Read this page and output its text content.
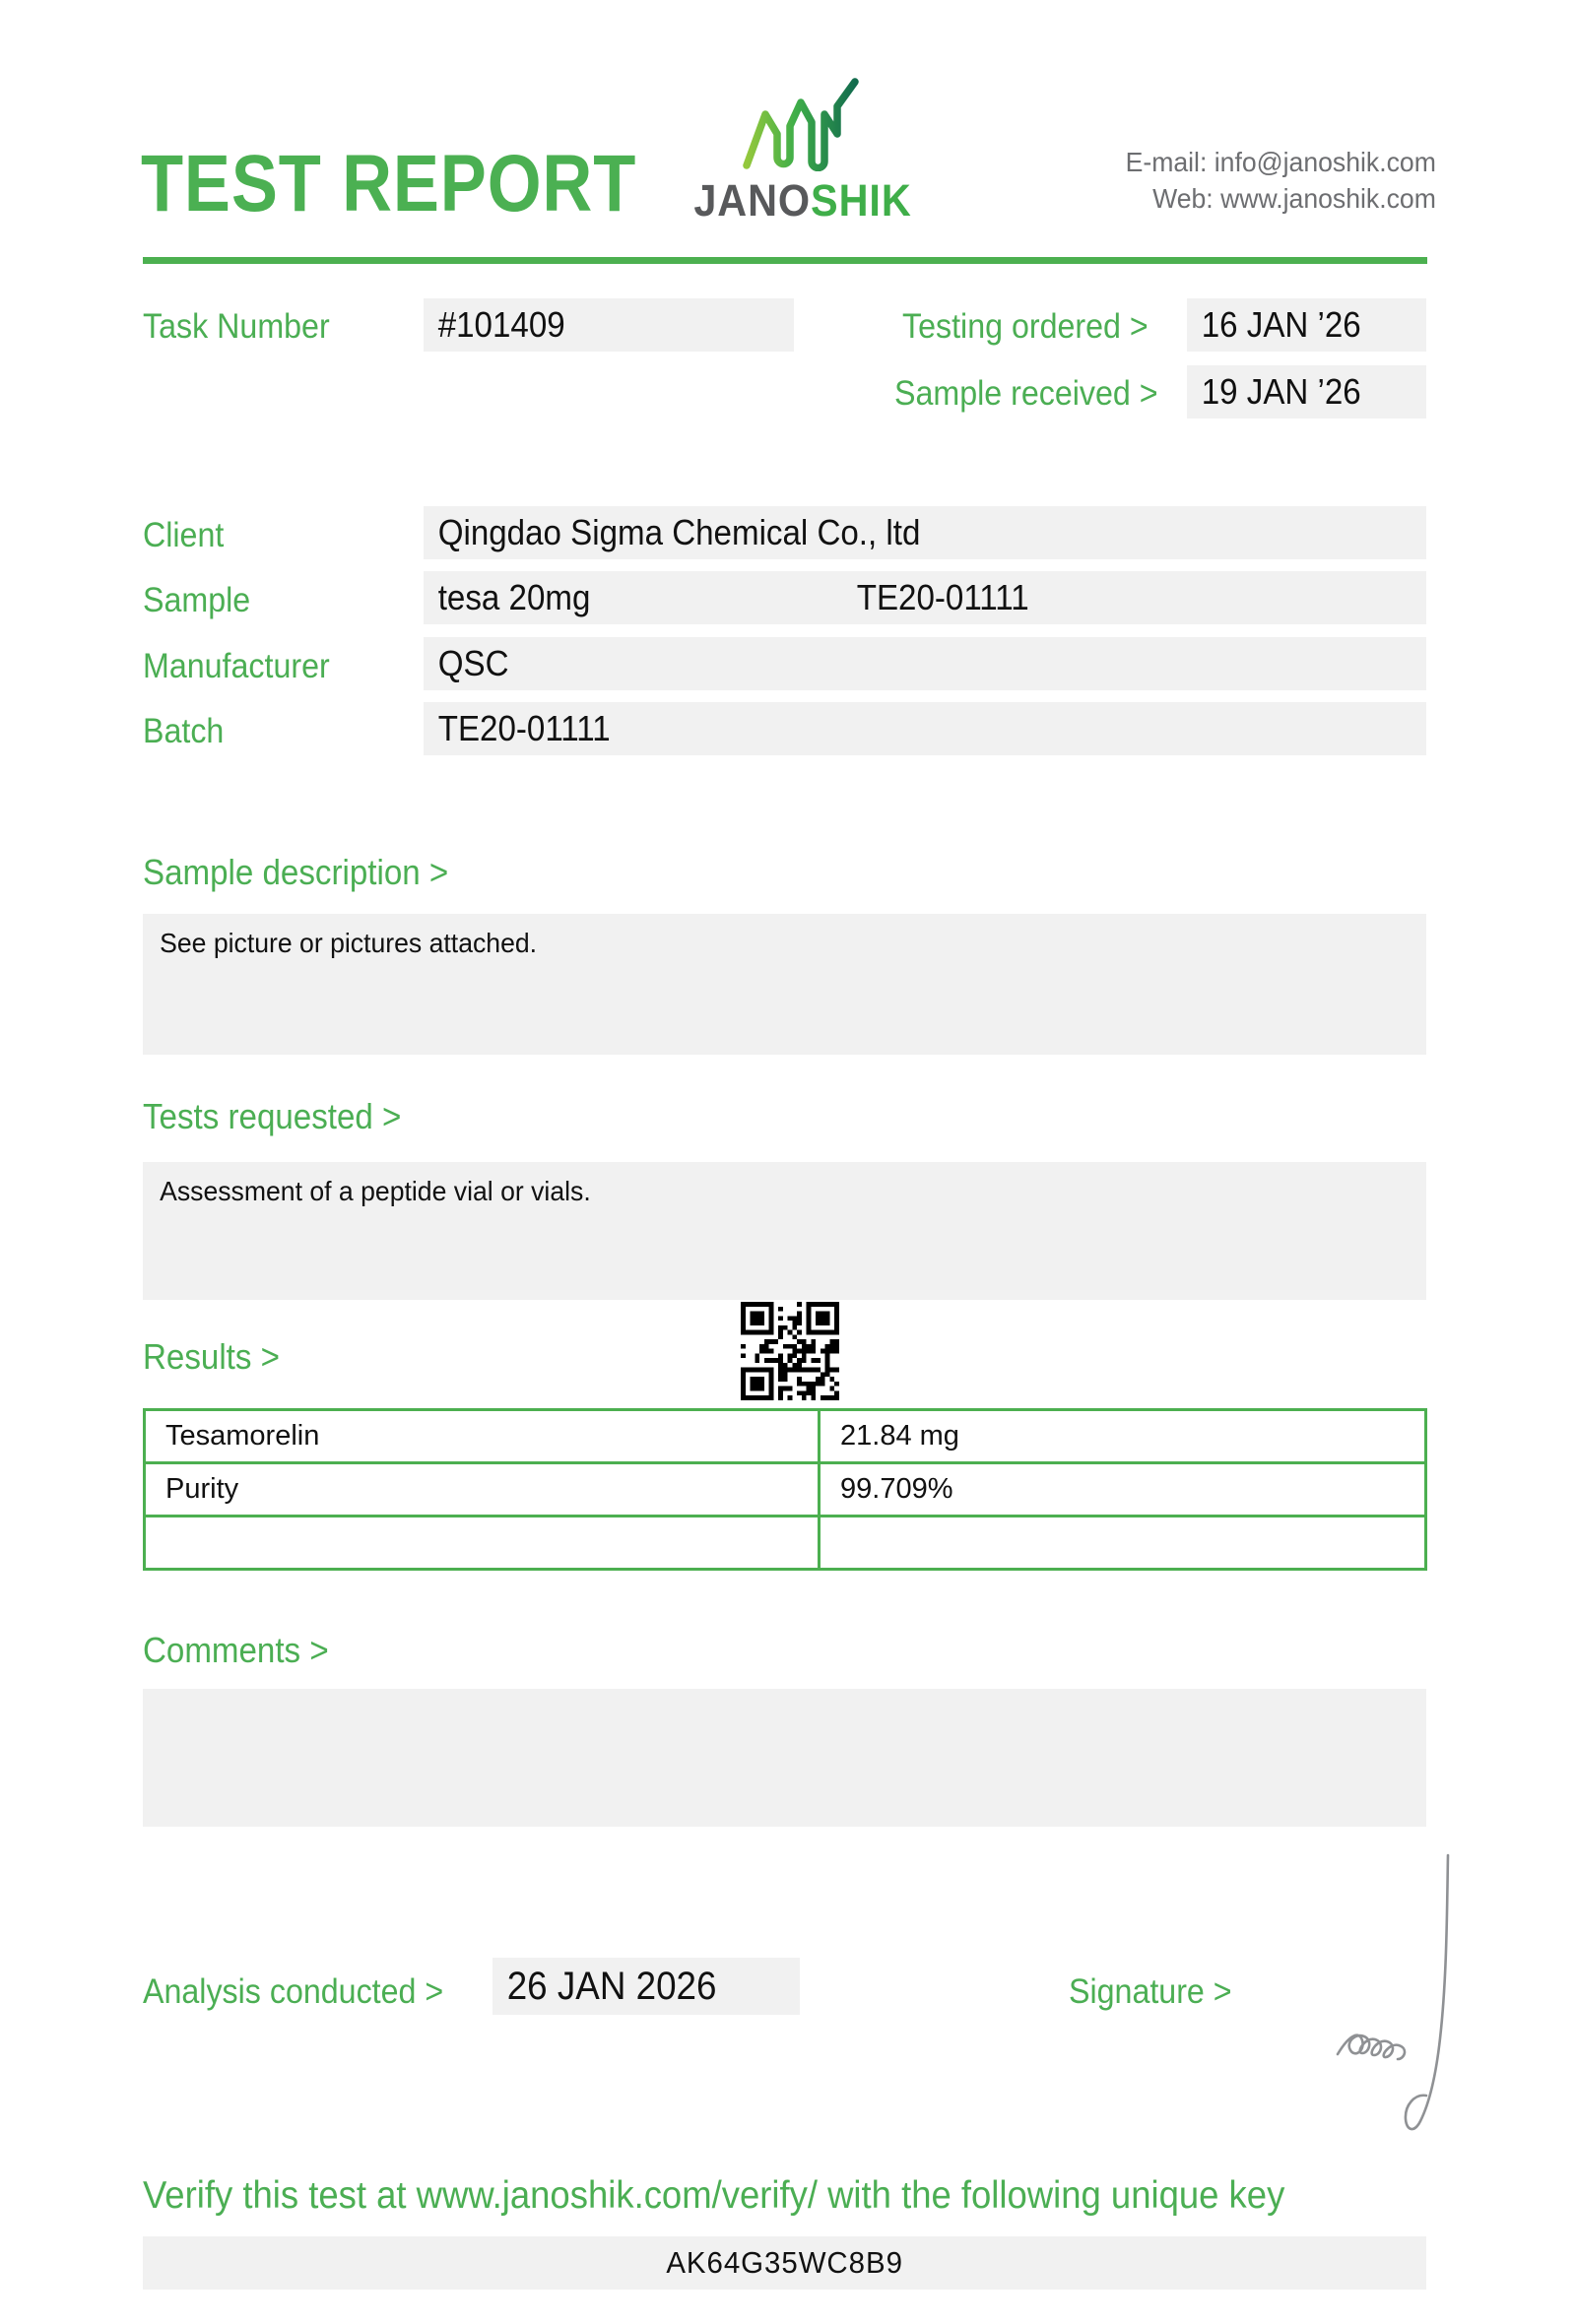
TEST REPORT JANOSHIK
E-mail: info@janoshik.com
Web: www.janoshik.com
Task Number	#101409	Testing ordered >	16 JAN ’26
Sample received >	19 JAN ’26
Client	Qingdao Sigma Chemical Co., ltd
Sample	tesa 20mg	TE20-01111
Manufacturer	QSC
Batch	TE20-01111
Sample description >
See picture or pictures attached.
Tests requested >
Assessment of a peptide vial or vials.
Results >
Tesamorelin	21.84 mg
Purity	99.709%

Comments >
Analysis conducted >	26 JAN 2026	Signature >
Verify this test at www.janoshik.com/verify/ with the following unique key
AK64G35WC8B9
